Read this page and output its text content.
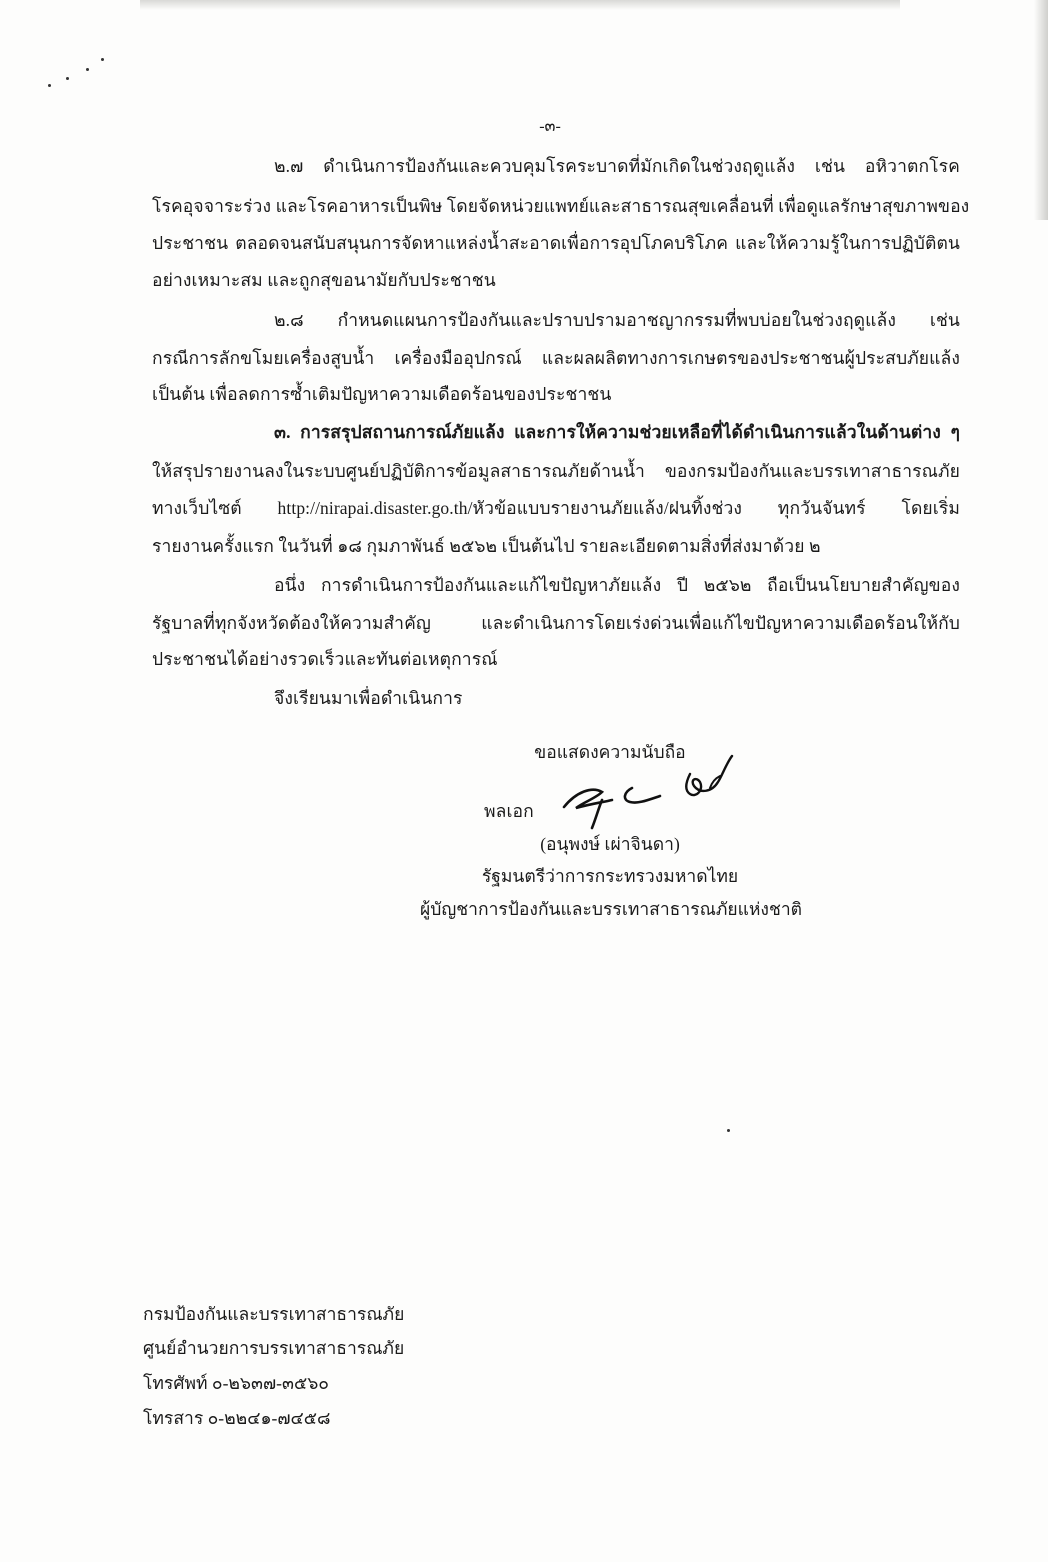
-๓-
๒.๗ ดำเนินการป้องกันและควบคุมโรคระบาดที่มักเกิดในช่วงฤดูแล้ง เช่น อหิวาตกโรค
โรคอุจจาระร่วง และโรคอาหารเป็นพิษ โดยจัดหน่วยแพทย์และสาธารณสุขเคลื่อนที่ เพื่อดูแลรักษาสุขภาพของ
ประชาชน ตลอดจนสนับสนุนการจัดหาแหล่งน้ำสะอาดเพื่อการอุปโภคบริโภค และให้ความรู้ในการปฏิบัติตน
อย่างเหมาะสม และถูกสุขอนามัยกับประชาชน
๒.๘ กำหนดแผนการป้องกันและปราบปรามอาชญากรรมที่พบบ่อยในช่วงฤดูแล้ง เช่น
กรณีการลักขโมยเครื่องสูบน้ำ เครื่องมืออุปกรณ์ และผลผลิตทางการเกษตรของประชาชนผู้ประสบภัยแล้ง
เป็นต้น เพื่อลดการซ้ำเติมปัญหาความเดือดร้อนของประชาชน
๓. การสรุปสถานการณ์ภัยแล้ง และการให้ความช่วยเหลือที่ได้ดำเนินการแล้วในด้านต่าง ๆ
ให้สรุปรายงานลงในระบบศูนย์ปฏิบัติการข้อมูลสาธารณภัยด้านน้ำ ของกรมป้องกันและบรรเทาสาธารณภัย
ทางเว็บไซต์ http://nirapai.disaster.go.th/หัวข้อแบบรายงานภัยแล้ง/ฝนทิ้งช่วง ทุกวันจันทร์ โดยเริ่ม
รายงานครั้งแรก ในวันที่ ๑๘ กุมภาพันธ์ ๒๕๖๒ เป็นต้นไป รายละเอียดตามสิ่งที่ส่งมาด้วย ๒
อนึ่ง การดำเนินการป้องกันและแก้ไขปัญหาภัยแล้ง ปี ๒๕๖๒ ถือเป็นนโยบายสำคัญของ
รัฐบาลที่ทุกจังหวัดต้องให้ความสำคัญ และดำเนินการโดยเร่งด่วนเพื่อแก้ไขปัญหาความเดือดร้อนให้กับ
ประชาชนได้อย่างรวดเร็วและทันต่อเหตุการณ์
จึงเรียนมาเพื่อดำเนินการ
ขอแสดงความนับถือ
พลเอก
(อนุพงษ์ เผ่าจินดา)
รัฐมนตรีว่าการกระทรวงมหาดไทย
ผู้บัญชาการป้องกันและบรรเทาสาธารณภัยแห่งชาติ
กรมป้องกันและบรรเทาสาธารณภัย
ศูนย์อำนวยการบรรเทาสาธารณภัย
โทรศัพท์ ๐-๒๖๓๗-๓๕๖๐
โทรสาร ๐-๒๒๔๑-๗๔๕๘
